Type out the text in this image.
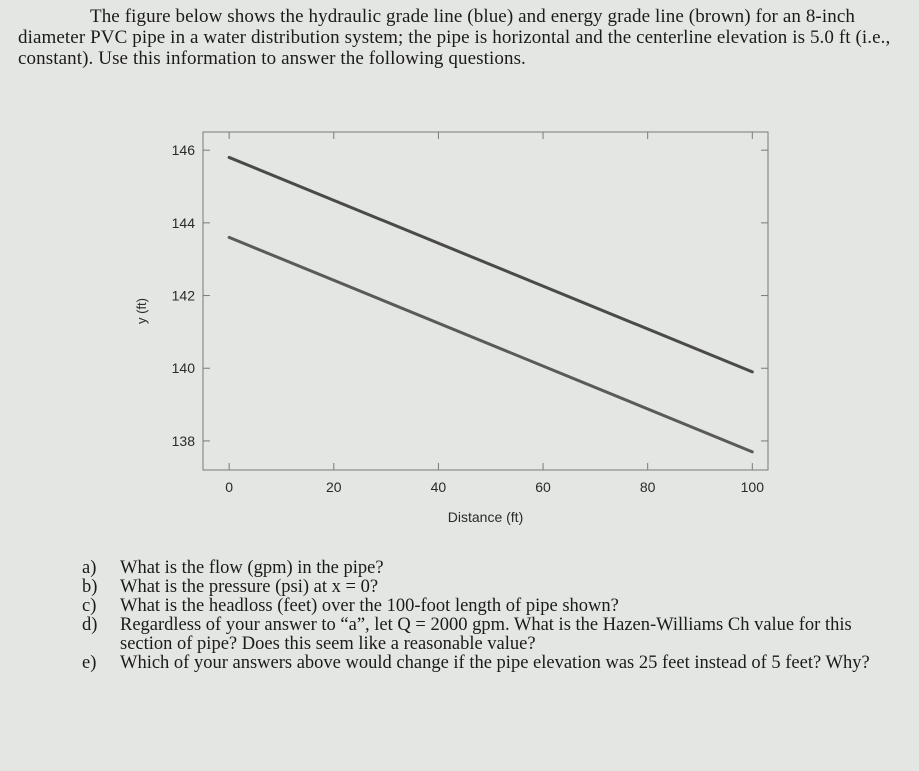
The figure below shows the hydraulic grade line (blue) and energy grade line (brown) for an 8-inch diameter PVC pipe in a water distribution system; the pipe is horizontal and the centerline elevation is 5.0 ft (i.e., constant). Use this information to answer the following questions.
0	20	40	60	80	100
138
140
142
144
146
Distance (ft)
y (ft)
a) What is the flow (gpm) in the pipe?
b) What is the pressure (psi) at x = 0?
c) What is the headloss (feet) over the 100-foot length of pipe shown?
d) Regardless of your answer to “a”, let Q = 2000 gpm. What is the Hazen-Williams Ch value for this section of pipe? Does this seem like a reasonable value?
e) Which of your answers above would change if the pipe elevation was 25 feet instead of 5 feet? Why?
